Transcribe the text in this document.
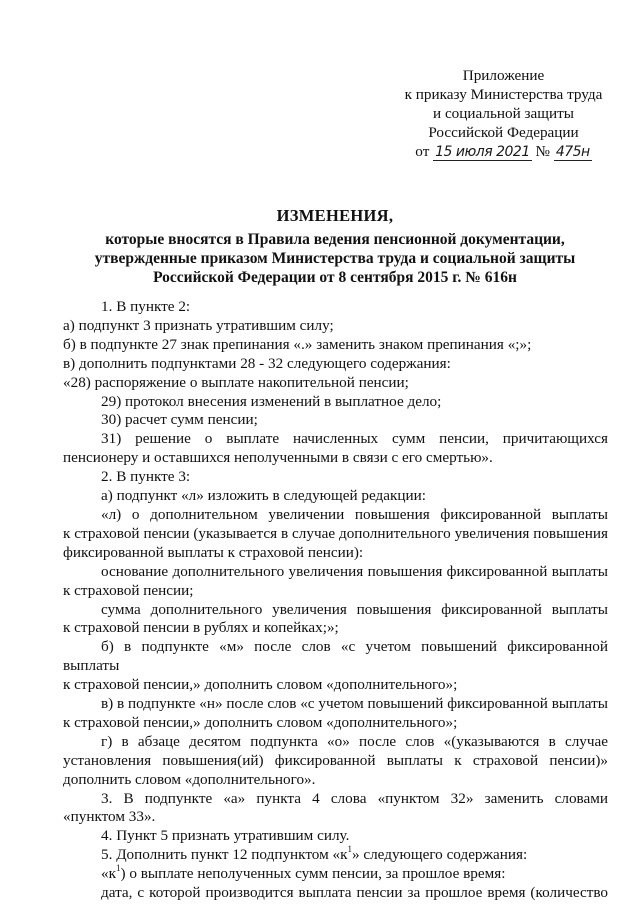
Приложение
к приказу Министерства труда
и социальной защиты
Российской Федерации
от 15 июля 2021 № 475н
ИЗМЕНЕНИЯ,
которые вносятся в Правила ведения пенсионной документации,
утвержденные приказом Министерства труда и социальной защиты
Российской Федерации от 8 сентября 2015 г. № 616н

1. В пункте 2:

а) подпункт 3 признать утратившим силу;

б) в подпункте 27 знак препинания «.» заменить знаком препинания «;»;

в) дополнить подпунктами 28 - 32 следующего содержания:

«28) распоряжение о выплате накопительной пенсии;

29) протокол внесения изменений в выплатное дело;

30) расчет сумм пенсии;

31) решение о выплате начисленных сумм пенсии, причитающихся

пенсионеру и оставшихся неполученными в связи с его смертью».

2. В пункте 3:

а) подпункт «л» изложить в следующей редакции:

«л) о дополнительном увеличении повышения фиксированной выплаты

к страховой пенсии (указывается в случае дополнительного увеличения повышения

фиксированной выплаты к страховой пенсии):

основание дополнительного увеличения повышения фиксированной выплаты

к страховой пенсии;

сумма дополнительного увеличения повышения фиксированной выплаты

к страховой пенсии в рублях и копейках;»;

б) в подпункте «м» после слов «с учетом повышений фиксированной выплаты

к страховой пенсии,» дополнить словом «дополнительного»;

в) в подпункте «н» после слов «с учетом повышений фиксированной выплаты

к страховой пенсии,» дополнить словом «дополнительного»;

г) в абзаце десятом подпункта «о» после слов «(указываются в случае

установления повышения(ий) фиксированной выплаты к страховой пенсии)»

дополнить словом «дополнительного».

3. В подпункте «а» пункта 4 слова «пунктом 32» заменить словами

«пунктом 33».

4. Пункт 5 признать утратившим силу.

5. Дополнить пункт 12 подпунктом «$к^1$» следующего содержания:

«$к^1$) о выплате неполученных сумм пенсии, за прошлое время:

дата, с которой производится выплата пенсии за прошлое время (количество
